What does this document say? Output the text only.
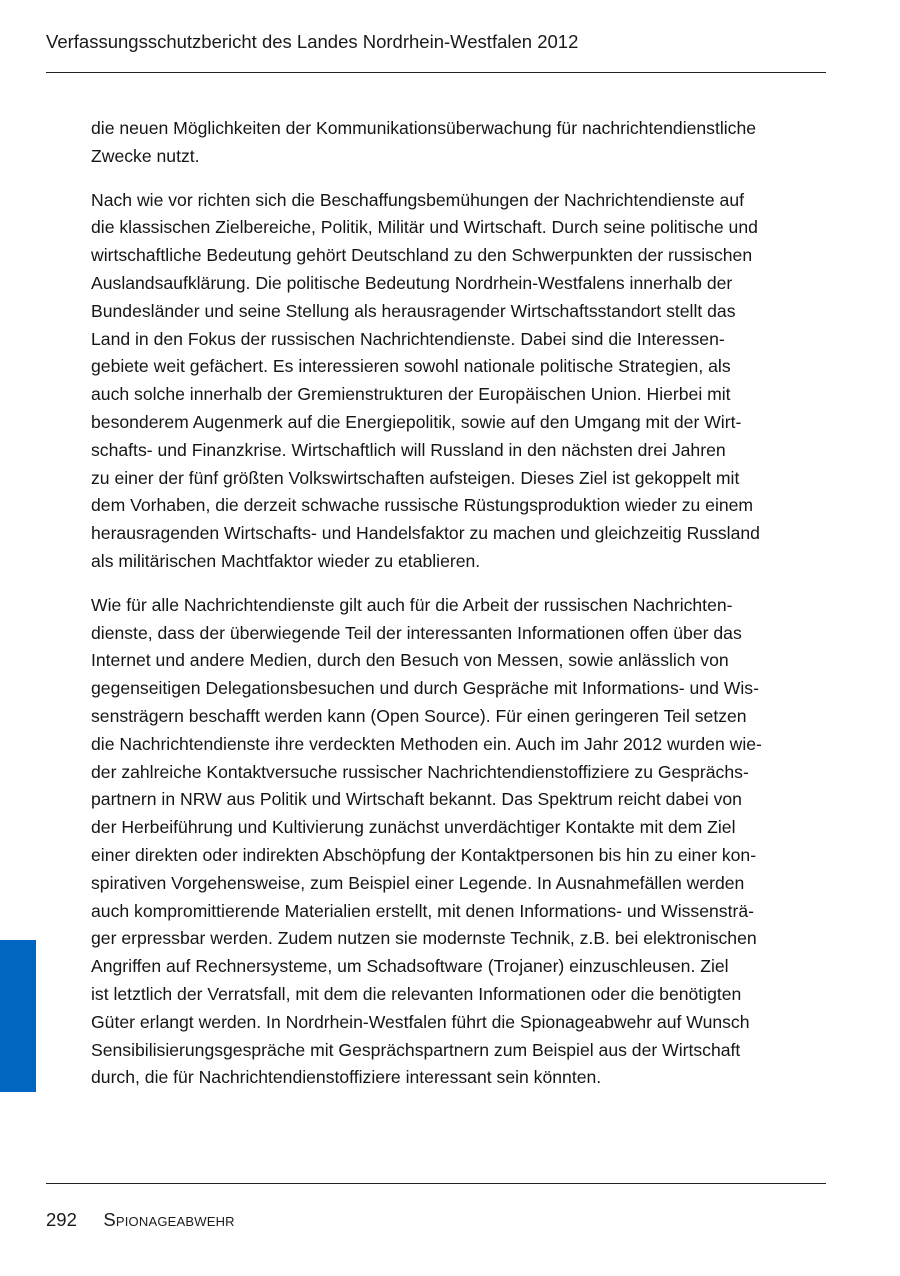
Verfassungsschutzbericht des Landes Nordrhein-Westfalen 2012

die neuen Möglichkeiten der Kommunikationsüberwachung für nachrichtendienstliche
Zwecke nutzt.

Nach wie vor richten sich die Beschaffungsbemühungen der Nachrichtendienste auf
die klassischen Zielbereiche, Politik, Militär und Wirtschaft. Durch seine politische und
wirtschaftliche Bedeutung gehört Deutschland zu den Schwerpunkten der russischen
Auslandsaufklärung. Die politische Bedeutung Nordrhein-Westfalens innerhalb der
Bundesländer und seine Stellung als herausragender Wirtschaftsstandort stellt das
Land in den Fokus der russischen Nachrichtendienste. Dabei sind die Interessen-
gebiete weit gefächert. Es interessieren sowohl nationale politische Strategien, als
auch solche innerhalb der Gremienstrukturen der Europäischen Union. Hierbei mit
besonderem Augenmerk auf die Energiepolitik, sowie auf den Umgang mit der Wirt-
schafts- und Finanzkrise. Wirtschaftlich will Russland in den nächsten drei Jahren
zu einer der fünf größten Volkswirtschaften aufsteigen. Dieses Ziel ist gekoppelt mit
dem Vorhaben, die derzeit schwache russische Rüstungsproduktion wieder zu einem
herausragenden Wirtschafts- und Handelsfaktor zu machen und gleichzeitig Russland
als militärischen Machtfaktor wieder zu etablieren.

Wie für alle Nachrichtendienste gilt auch für die Arbeit der russischen Nachrichten-
dienste, dass der überwiegende Teil der interessanten Informationen offen über das
Internet und andere Medien, durch den Besuch von Messen, sowie anlässlich von
gegenseitigen Delegationsbesuchen und durch Gespräche mit Informations- und Wis-
sensträgern beschafft werden kann (Open Source). Für einen geringeren Teil setzen
die Nachrichtendienste ihre verdeckten Methoden ein. Auch im Jahr 2012 wurden wie-
der zahlreiche Kontaktversuche russischer Nachrichtendienstoffiziere zu Gesprächs-
partnern in NRW aus Politik und Wirtschaft bekannt. Das Spektrum reicht dabei von
der Herbeiführung und Kultivierung zunächst unverdächtiger Kontakte mit dem Ziel
einer direkten oder indirekten Abschöpfung der Kontaktpersonen bis hin zu einer kon-
spirativen Vorgehensweise, zum Beispiel einer Legende. In Ausnahmefällen werden
auch kompromittierende Materialien erstellt, mit denen Informations- und Wissensträ-
ger erpressbar werden. Zudem nutzen sie modernste Technik, z.B. bei elektronischen
Angriffen auf Rechnersysteme, um Schadsoftware (Trojaner) einzuschleusen. Ziel
ist letztlich der Verratsfall, mit dem die relevanten Informationen oder die benötigten
Güter erlangt werden. In Nordrhein-Westfalen führt die Spionageabwehr auf Wunsch
Sensibilisierungsgespräche mit Gesprächspartnern zum Beispiel aus der Wirtschaft
durch, die für Nachrichtendienstoffiziere interessant sein könnten.

292 Spionageabwehr
